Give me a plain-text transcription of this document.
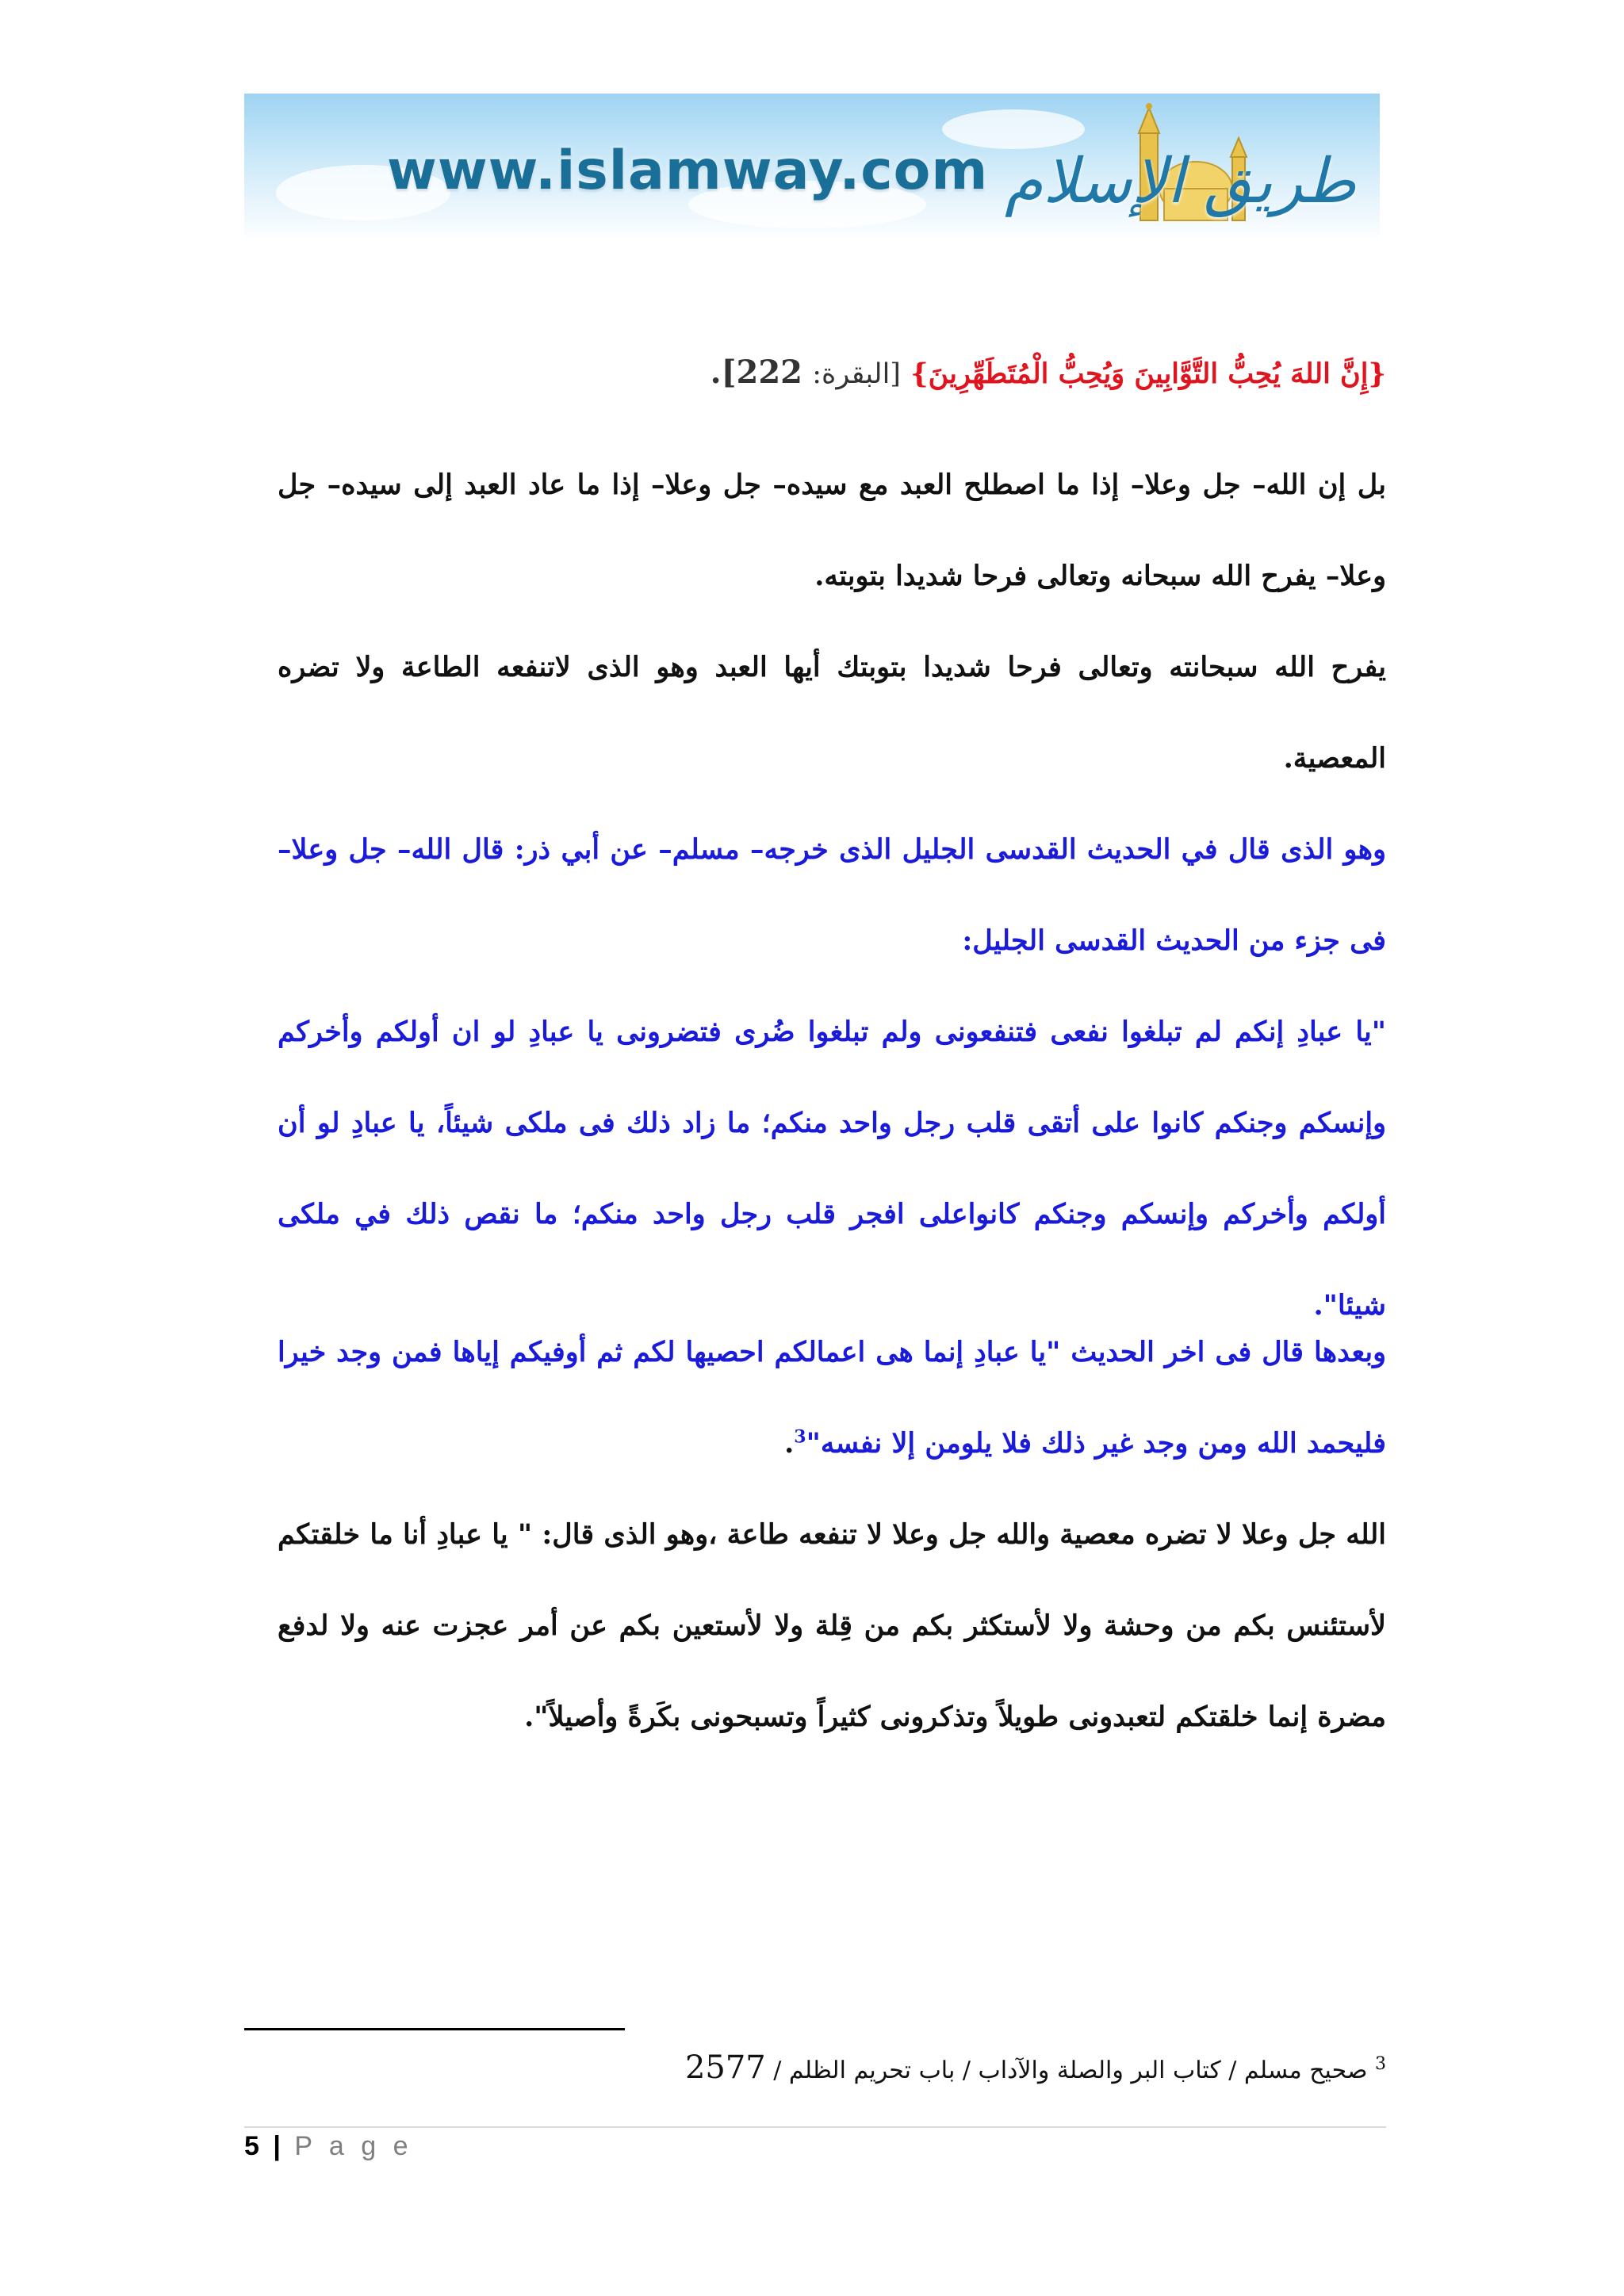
www.islamway.com طريق الإسلام
{إِنَّ اللهَ يُحِبُّ التَّوَّابِينَ وَيُحِبُّ الْمُتَطَهِّرِينَ} [البقرة: 222].
بل إن الله– جل وعلا– إذا ما اصطلح العبد مع سيده– جل وعلا– إذا ما عاد العبد إلى سيده– جل وعلا– يفرح الله سبحانه وتعالى فرحا شديدا بتوبته.
يفرح الله سبحانته وتعالى فرحا شديدا بتوبتك أيها العبد وهو الذى لاتنفعه الطاعة ولا تضره المعصية.
وهو الذى قال في الحديث القدسى الجليل الذى خرجه– مسلم– عن أبي ذر: قال الله– جل وعلا– فى جزء من الحديث القدسى الجليل:
"يا عبادِ إنكم لم تبلغوا نفعى فتنفعونى ولم تبلغوا ضُرى فتضرونى يا عبادِ لو ان أولكم وأخركم وإنسكم وجنكم كانوا على أتقى قلب رجل واحد منكم؛ ما زاد ذلك فى ملكى شيئاً، يا عبادِ لو أن أولكم وأخركم وإنسكم وجنكم كانواعلى افجر قلب رجل واحد منكم؛ ما نقص ذلك في ملكى شيئا".
وبعدها قال فى اخر الحديث "يا عبادِ إنما هى اعمالكم احصيها لكم ثم أوفيكم إياها فمن وجد خيرا فليحمد الله ومن وجد غير ذلك فلا يلومن إلا نفسه"$^3$.
الله جل وعلا لا تضره معصية والله جل وعلا لا تنفعه طاعة ،وهو الذى قال: " يا عبادِ أنا ما خلقتكم لأستئنس بكم من وحشة ولا لأستكثر بكم من قِلة ولا لأستعين بكم عن أمر عجزت عنه ولا لدفع مضرة إنما خلقتكم لتعبدونى طويلاً وتذكرونى كثيراً وتسبحونى بكَرةً وأصيلاً".
$^3$ صحيح مسلم / كتاب البر والصلة والآداب / باب تحريم الظلم / 2577
5 | P a g e
